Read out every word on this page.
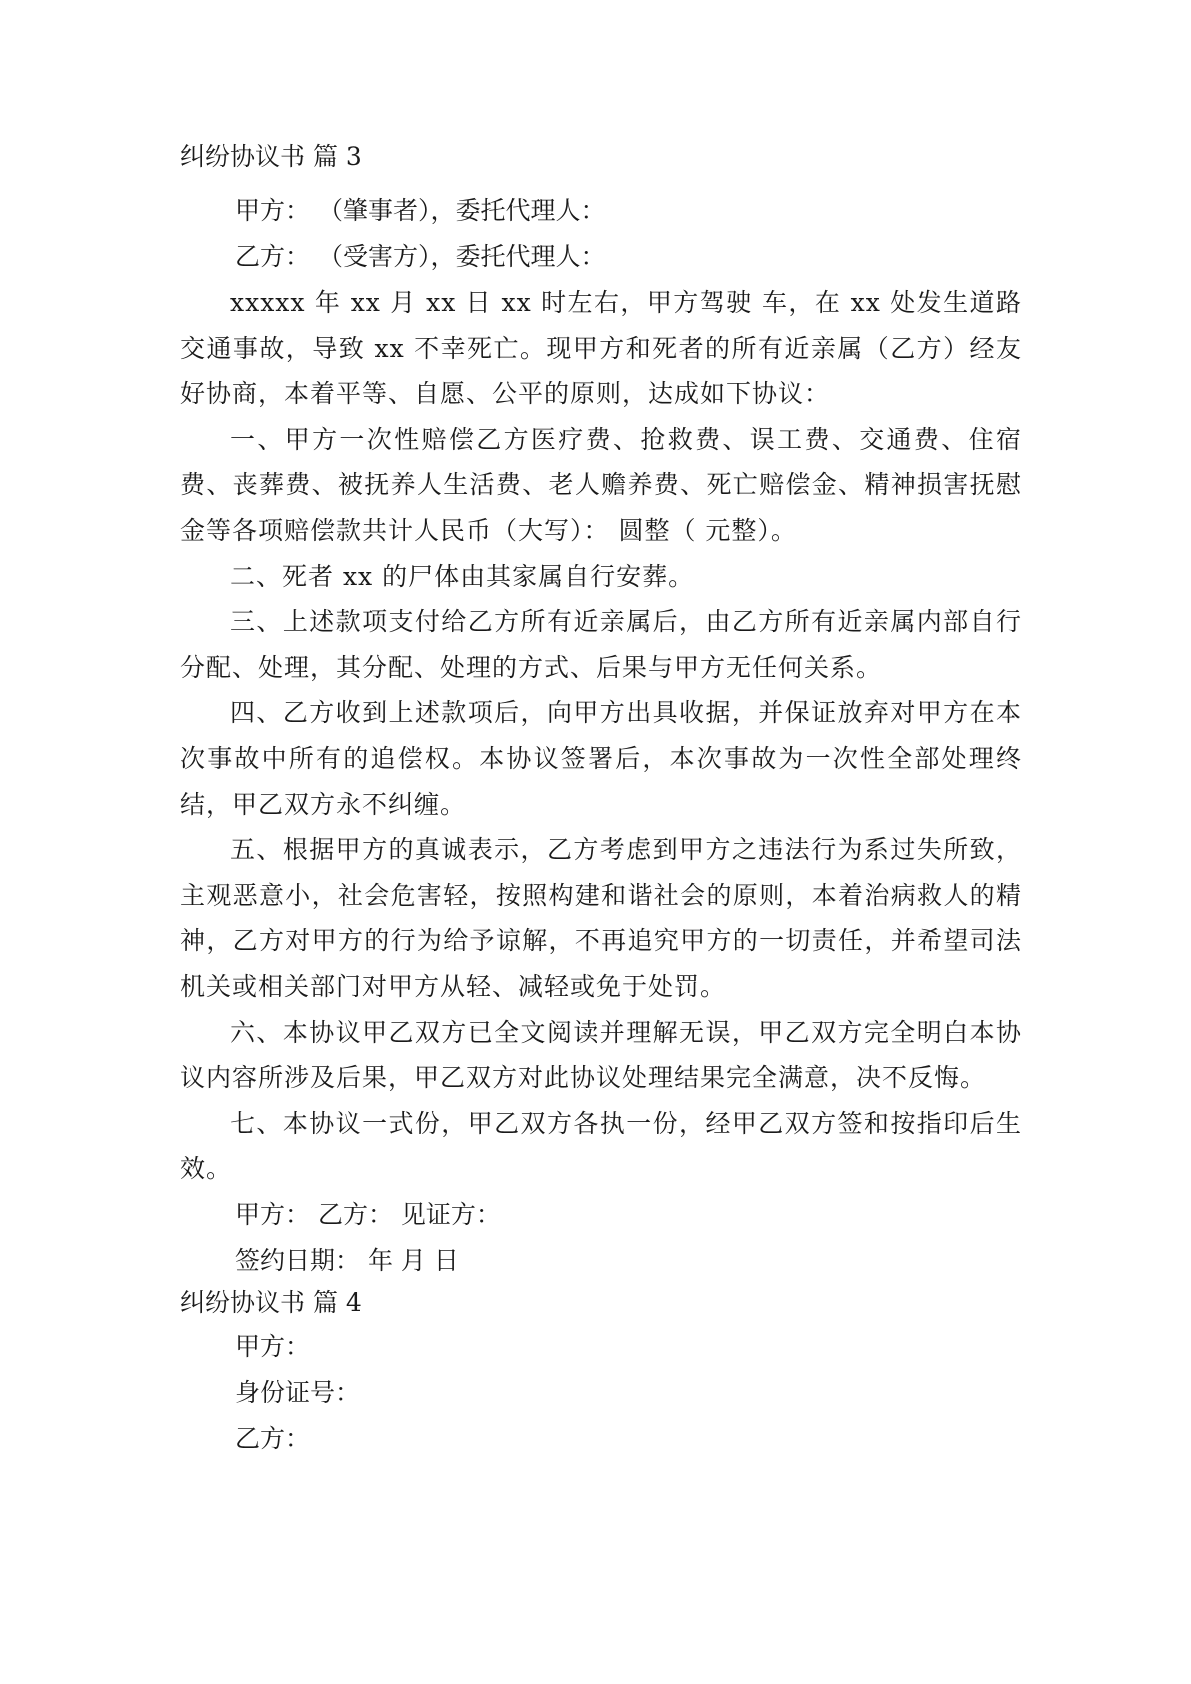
纠纷协议书 篇 3
甲方： （肇事者），委托代理人：
乙方： （受害方），委托代理人：

xxxxx 年 xx 月 xx 日 xx 时左右，甲方驾驶 车，在 xx 处发生道路交通事故，导致 xx 不幸死亡。现甲方和死者的所有近亲属（乙方）经友好协商，本着平等、自愿、公平的原则，达成如下协议：

一、甲方一次性赔偿乙方医疗费、抢救费、误工费、交通费、住宿费、丧葬费、被抚养人生活费、老人赡养费、死亡赔偿金、精神损害抚慰金等各项赔偿款共计人民币（大写）： 圆整（ 元整）。

二、死者 xx 的尸体由其家属自行安葬。

三、上述款项支付给乙方所有近亲属后，由乙方所有近亲属内部自行分配、处理，其分配、处理的方式、后果与甲方无任何关系。

四、乙方收到上述款项后，向甲方出具收据，并保证放弃对甲方在本次事故中所有的追偿权。本协议签署后，本次事故为一次性全部处理终结，甲乙双方永不纠缠。

五、根据甲方的真诚表示，乙方考虑到甲方之违法行为系过失所致，主观恶意小，社会危害轻，按照构建和谐社会的原则，本着治病救人的精神，乙方对甲方的行为给予谅解，不再追究甲方的一切责任，并希望司法机关或相关部门对甲方从轻、减轻或免于处罚。

六、本协议甲乙双方已全文阅读并理解无误，甲乙双方完全明白本协议内容所涉及后果，甲乙双方对此协议处理结果完全满意，决不反悔。

七、本协议一式份，甲乙双方各执一份，经甲乙双方签和按指印后生效。

甲方： 乙方： 见证方：
签约日期： 年 月 日
纠纷协议书 篇 4
甲方：
身份证号：
乙方：
